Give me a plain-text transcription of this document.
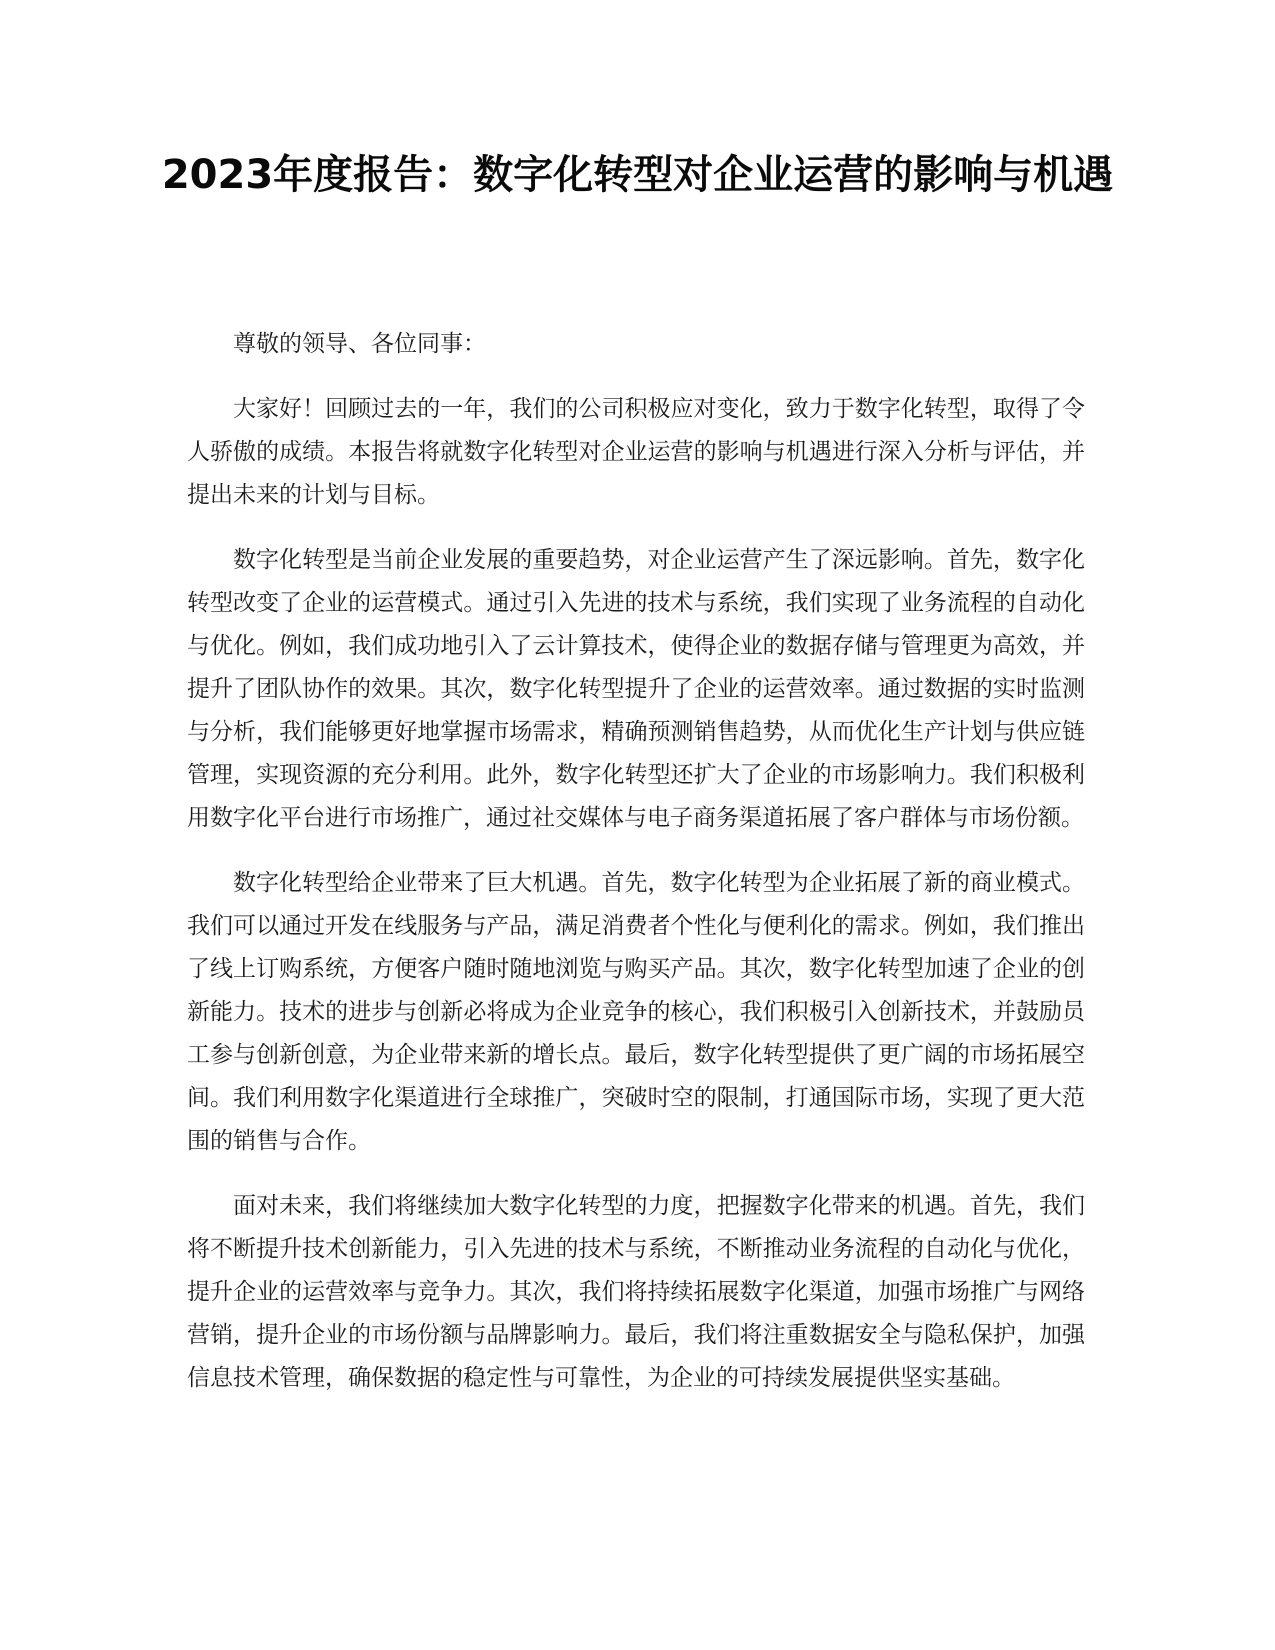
2023年度报告：数字化转型对企业运营的影响与机遇

尊敬的领导、各位同事：

大家好！回顾过去的一年，我们的公司积极应对变化，致力于数字化转型，取得了令人骄傲的成绩。本报告将就数字化转型对企业运营的影响与机遇进行深入分析与评估，并提出未来的计划与目标。

数字化转型是当前企业发展的重要趋势，对企业运营产生了深远影响。首先，数字化转型改变了企业的运营模式。通过引入先进的技术与系统，我们实现了业务流程的自动化与优化。例如，我们成功地引入了云计算技术，使得企业的数据存储与管理更为高效，并提升了团队协作的效果。其次，数字化转型提升了企业的运营效率。通过数据的实时监测与分析，我们能够更好地掌握市场需求，精确预测销售趋势，从而优化生产计划与供应链管理，实现资源的充分利用。此外，数字化转型还扩大了企业的市场影响力。我们积极利用数字化平台进行市场推广，通过社交媒体与电子商务渠道拓展了客户群体与市场份额。

数字化转型给企业带来了巨大机遇。首先，数字化转型为企业拓展了新的商业模式。我们可以通过开发在线服务与产品，满足消费者个性化与便利化的需求。例如，我们推出了线上订购系统，方便客户随时随地浏览与购买产品。其次，数字化转型加速了企业的创新能力。技术的进步与创新必将成为企业竞争的核心，我们积极引入创新技术，并鼓励员工参与创新创意，为企业带来新的增长点。最后，数字化转型提供了更广阔的市场拓展空间。我们利用数字化渠道进行全球推广，突破时空的限制，打通国际市场，实现了更大范围的销售与合作。

面对未来，我们将继续加大数字化转型的力度，把握数字化带来的机遇。首先，我们将不断提升技术创新能力，引入先进的技术与系统，不断推动业务流程的自动化与优化，提升企业的运营效率与竞争力。其次，我们将持续拓展数字化渠道，加强市场推广与网络营销，提升企业的市场份额与品牌影响力。最后，我们将注重数据安全与隐私保护，加强信息技术管理，确保数据的稳定性与可靠性，为企业的可持续发展提供坚实基础。
